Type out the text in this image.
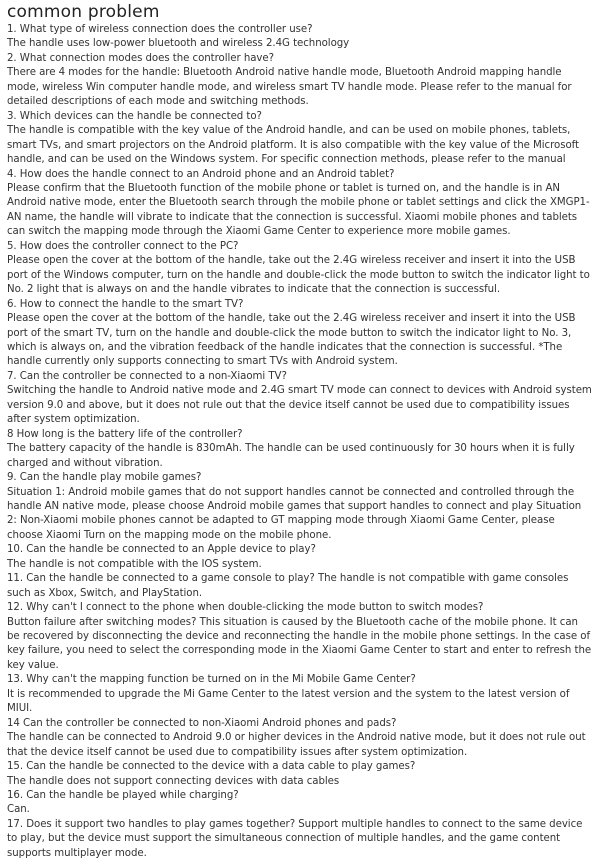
common problem

1. What type of wireless connection does the controller use?

The handle uses low-power bluetooth and wireless 2.4G technology

2. What connection modes does the controller have?

There are 4 modes for the handle: Bluetooth Android native handle mode, Bluetooth Android mapping handle mode, wireless Win computer handle mode, and wireless smart TV handle mode. Please refer to the manual for detailed descriptions of each mode and switching methods.

3. Which devices can the handle be connected to?

The handle is compatible with the key value of the Android handle, and can be used on mobile phones, tablets, smart TVs, and smart projectors on the Android platform. It is also compatible with the key value of the Microsoft handle, and can be used on the Windows system. For specific connection methods, please refer to the manual

4. How does the handle connect to an Android phone and an Android tablet?

Please confirm that the Bluetooth function of the mobile phone or tablet is turned on, and the handle is in AN Android native mode, enter the Bluetooth search through the mobile phone or tablet settings and click the XMGP1-AN name, the handle will vibrate to indicate that the connection is successful. Xiaomi mobile phones and tablets can switch the mapping mode through the Xiaomi Game Center to experience more mobile games.

5. How does the controller connect to the PC?

Please open the cover at the bottom of the handle, take out the 2.4G wireless receiver and insert it into the USB port of the Windows computer, turn on the handle and double-click the mode button to switch the indicator light to No. 2 light that is always on and the handle vibrates to indicate that the connection is successful.

6. How to connect the handle to the smart TV?

Please open the cover at the bottom of the handle, take out the 2.4G wireless receiver and insert it into the USB port of the smart TV, turn on the handle and double-click the mode button to switch the indicator light to No. 3, which is always on, and the vibration feedback of the handle indicates that the connection is successful. *The handle currently only supports connecting to smart TVs with Android system.

7. Can the controller be connected to a non-Xiaomi TV?

Switching the handle to Android native mode and 2.4G smart TV mode can connect to devices with Android system version 9.0 and above, but it does not rule out that the device itself cannot be used due to compatibility issues after system optimization.

8 How long is the battery life of the controller?

The battery capacity of the handle is 830mAh. The handle can be used continuously for 30 hours when it is fully charged and without vibration.

9. Can the handle play mobile games?

Situation 1: Android mobile games that do not support handles cannot be connected and controlled through the handle AN native mode, please choose Android mobile games that support handles to connect and play Situation 2: Non-Xiaomi mobile phones cannot be adapted to GT mapping mode through Xiaomi Game Center, please choose Xiaomi Turn on the mapping mode on the mobile phone.

10. Can the handle be connected to an Apple device to play?

The handle is not compatible with the IOS system.

11. Can the handle be connected to a game console to play? The handle is not compatible with game consoles such as Xbox, Switch, and PlayStation.

12. Why can't I connect to the phone when double-clicking the mode button to switch modes?

Button failure after switching modes? This situation is caused by the Bluetooth cache of the mobile phone. It can be recovered by disconnecting the device and reconnecting the handle in the mobile phone settings. In the case of key failure, you need to select the corresponding mode in the Xiaomi Game Center to start and enter to refresh the key value.

13. Why can't the mapping function be turned on in the Mi Mobile Game Center?

It is recommended to upgrade the Mi Game Center to the latest version and the system to the latest version of MIUI.

14 Can the controller be connected to non-Xiaomi Android phones and pads?

The handle can be connected to Android 9.0 or higher devices in the Android native mode, but it does not rule out that the device itself cannot be used due to compatibility issues after system optimization.

15. Can the handle be connected to the device with a data cable to play games?

The handle does not support connecting devices with data cables

16. Can the handle be played while charging?

Can.

17. Does it support two handles to play games together? Support multiple handles to connect to the same device to play, but the device must support the simultaneous connection of multiple handles, and the game content supports multiplayer mode.
